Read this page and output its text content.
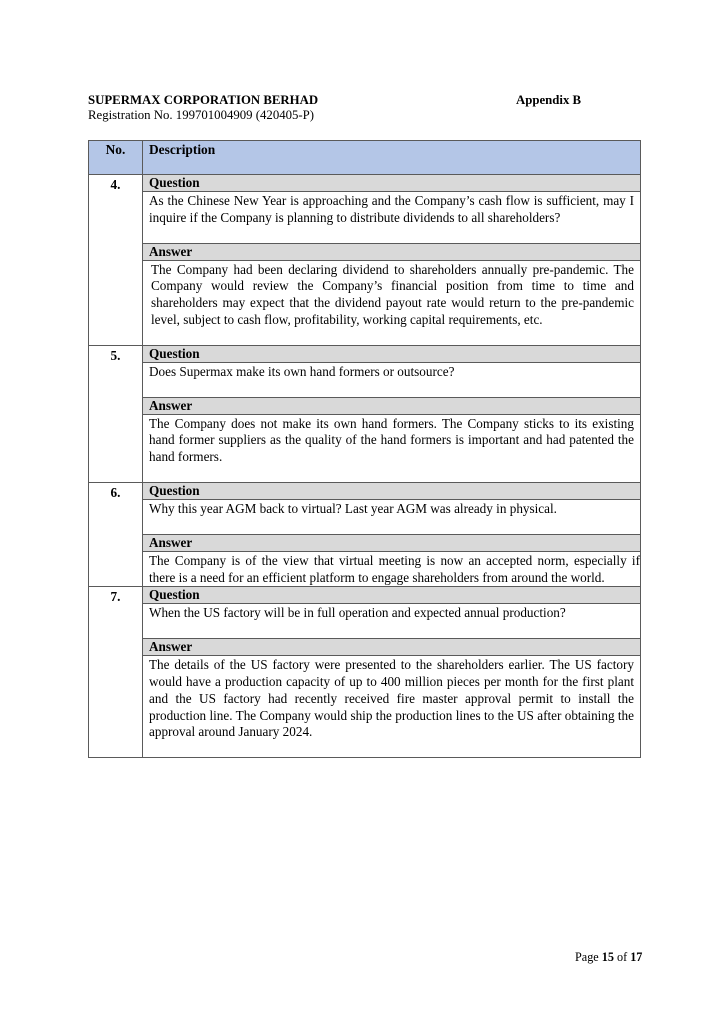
SUPERMAX CORPORATION BERHAD	Appendix B
Registration No. 199701004909 (420405-P)
No.	Description
4.	Question
As the Chinese New Year is approaching and the Company’s cash flow is sufficient, may I inquire if the Company is planning to distribute dividends to all shareholders?
Answer
The Company had been declaring dividend to shareholders annually pre-pandemic. The Company would review the Company’s financial position from time to time and shareholders may expect that the dividend payout rate would return to the pre-pandemic level, subject to cash flow, profitability, working capital requirements, etc.

5.	Question
Does Supermax make its own hand formers or outsource?
Answer
The Company does not make its own hand formers. The Company sticks to its existing hand former suppliers as the quality of the hand formers is important and had patented the hand formers.

6.	Question
Why this year AGM back to virtual? Last year AGM was already in physical.
Answer
The Company is of the view that virtual meeting is now an accepted norm, especially if there is a need for an efficient platform to engage shareholders from around the world.

7.	Question
When the US factory will be in full operation and expected annual production?
Answer
The details of the US factory were presented to the shareholders earlier. The US factory would have a production capacity of up to 400 million pieces per month for the first plant and the US factory had recently received fire master approval permit to install the production line. The Company would ship the production lines to the US after obtaining the approval around January 2024.
Page 15 of 17
